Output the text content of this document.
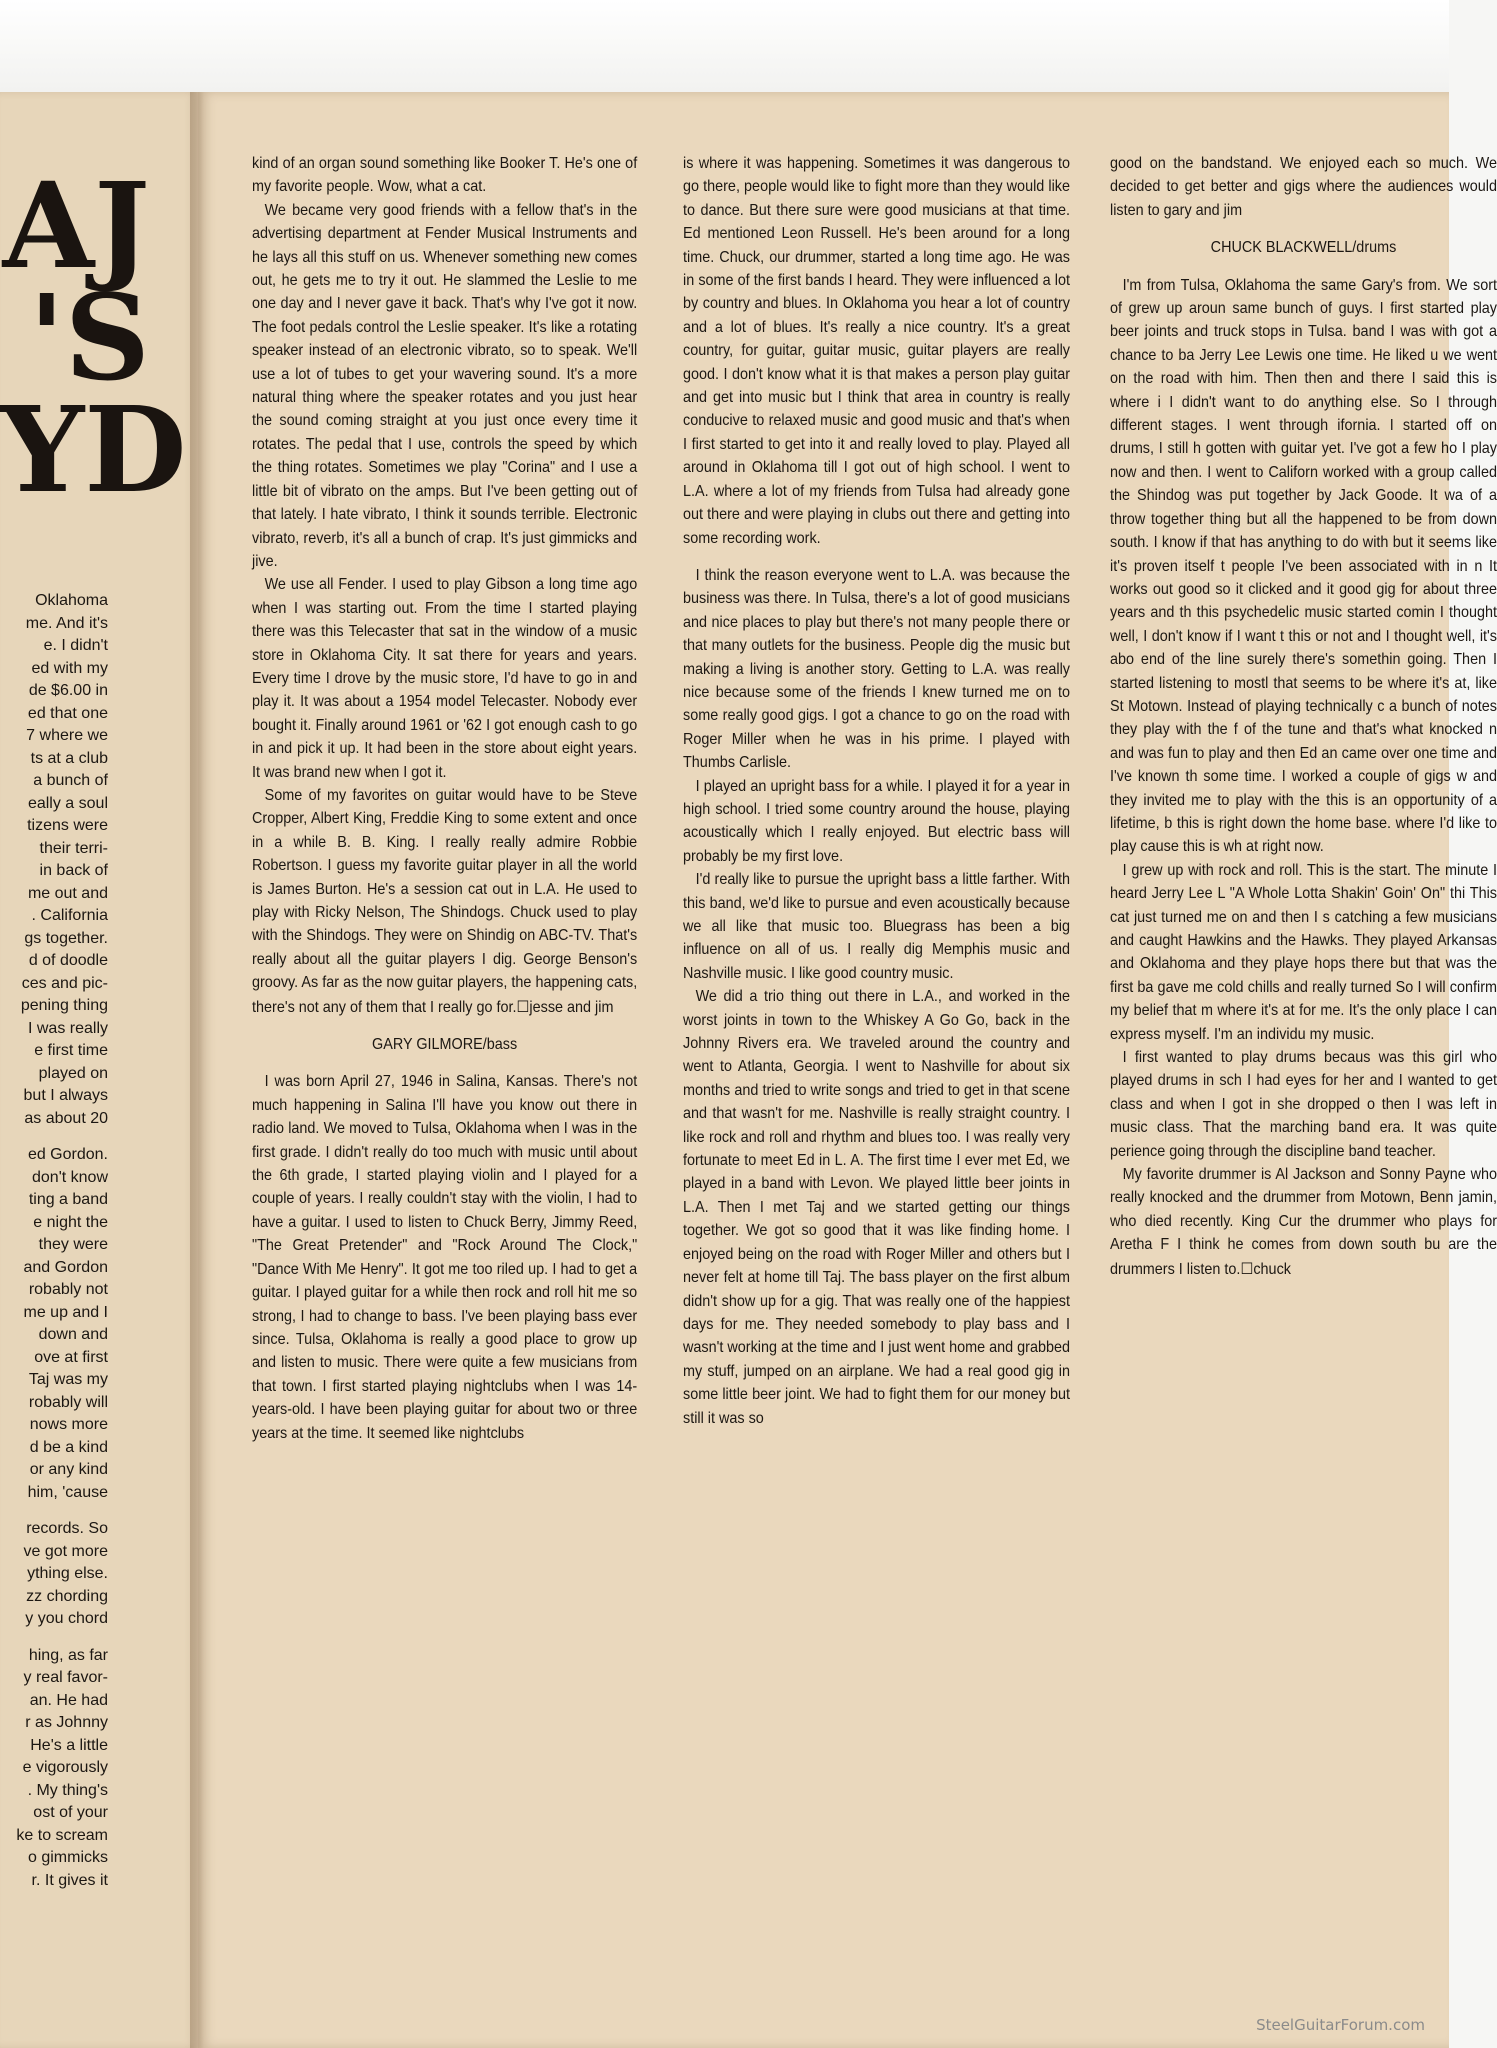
AJ
'S
YD
Oklahoma
me. And it's
e. I didn't
ed with my
de $6.00 in
ed that one
7 where we
ts at a club
a bunch of
eally a soul
tizens were
their terri-
in back of
me out and
. California
gs together.
d of doodle
ces and pic-
pening thing
I was really
e first time
played on
but I always
as about 20
ed Gordon.
don't know
ting a band
e night the
they were
and Gordon
robably not
me up and I
down and
ove at first
Taj was my
robably will
nows more
d be a kind
or any kind
him, 'cause
records. So
ve got more
ything else.
zz chording
y you chord
hing, as far
y real favor-
an. He had
r as Johnny
He's a little
e vigorously
. My thing's
ost of your
ke to scream
o gimmicks
r. It gives it

kind of an organ sound something like Booker T. He's one of my favorite people. Wow, what a cat.

We became very good friends with a fellow that's in the advertising department at Fender Musical Instruments and he lays all this stuff on us. Whenever something new comes out, he gets me to try it out. He slammed the Leslie to me one day and I never gave it back. That's why I've got it now. The foot pedals control the Leslie speaker. It's like a rotating speaker instead of an electronic vibrato, so to speak. We'll use a lot of tubes to get your wavering sound. It's a more natural thing where the speaker rotates and you just hear the sound coming straight at you just once every time it rotates. The pedal that I use, controls the speed by which the thing rotates. Sometimes we play "Corina" and I use a little bit of vibrato on the amps. But I've been getting out of that lately. I hate vibrato, I think it sounds terrible. Electronic vibrato, reverb, it's all a bunch of crap. It's just gimmicks and jive.

We use all Fender. I used to play Gibson a long time ago when I was starting out. From the time I started playing there was this Telecaster that sat in the window of a music store in Oklahoma City. It sat there for years and years. Every time I drove by the music store, I'd have to go in and play it. It was about a 1954 model Telecaster. Nobody ever bought it. Finally around 1961 or '62 I got enough cash to go in and pick it up. It had been in the store about eight years. It was brand new when I got it.

Some of my favorites on guitar would have to be Steve Cropper, Albert King, Freddie King to some extent and once in a while B. B. King. I really really admire Robbie Robertson. I guess my favorite guitar player in all the world is James Burton. He's a session cat out in L.A. He used to play with Ricky Nelson, The Shindogs. Chuck used to play with the Shindogs. They were on Shindig on ABC-TV. That's really about all the guitar players I dig. George Benson's groovy. As far as the now guitar players, the happening cats, there's not any of them that I really go for.☐jesse and jim

GARY GILMORE/bass

I was born April 27, 1946 in Salina, Kansas. There's not much happening in Salina I'll have you know out there in radio land. We moved to Tulsa, Oklahoma when I was in the first grade. I didn't really do too much with music until about the 6th grade, I started playing violin and I played for a couple of years. I really couldn't stay with the violin, I had to have a guitar. I used to listen to Chuck Berry, Jimmy Reed, "The Great Pretender" and "Rock Around The Clock," "Dance With Me Henry". It got me too riled up. I had to get a guitar. I played guitar for a while then rock and roll hit me so strong, I had to change to bass. I've been playing bass ever since. Tulsa, Oklahoma is really a good place to grow up and listen to music. There were quite a few musicians from that town. I first started playing nightclubs when I was 14-years-old. I have been playing guitar for about two or three years at the time. It seemed like nightclubs

is where it was happening. Sometimes it was dangerous to go there, people would like to fight more than they would like to dance. But there sure were good musicians at that time. Ed mentioned Leon Russell. He's been around for a long time. Chuck, our drummer, started a long time ago. He was in some of the first bands I heard. They were influenced a lot by country and blues. In Oklahoma you hear a lot of country and a lot of blues. It's really a nice country. It's a great country, for guitar, guitar music, guitar players are really good. I don't know what it is that makes a person play guitar and get into music but I think that area in country is really conducive to relaxed music and good music and that's when I first started to get into it and really loved to play. Played all around in Oklahoma till I got out of high school. I went to L.A. where a lot of my friends from Tulsa had already gone out there and were playing in clubs out there and getting into some recording work.

I think the reason everyone went to L.A. was because the business was there. In Tulsa, there's a lot of good musicians and nice places to play but there's not many people there or that many outlets for the business. People dig the music but making a living is another story. Getting to L.A. was really nice because some of the friends I knew turned me on to some really good gigs. I got a chance to go on the road with Roger Miller when he was in his prime. I played with Thumbs Carlisle.

I played an upright bass for a while. I played it for a year in high school. I tried some country around the house, playing acoustically which I really enjoyed. But electric bass will probably be my first love.

I'd really like to pursue the upright bass a little farther. With this band, we'd like to pursue and even acoustically because we all like that music too. Bluegrass has been a big influence on all of us. I really dig Memphis music and Nashville music. I like good country music.

We did a trio thing out there in L.A., and worked in the worst joints in town to the Whiskey A Go Go, back in the Johnny Rivers era. We traveled around the country and went to Atlanta, Georgia. I went to Nashville for about six months and tried to write songs and tried to get in that scene and that wasn't for me. Nashville is really straight country. I like rock and roll and rhythm and blues too. I was really very fortunate to meet Ed in L. A. The first time I ever met Ed, we played in a band with Levon. We played little beer joints in L.A. Then I met Taj and we started getting our things together. We got so good that it was like finding home. I enjoyed being on the road with Roger Miller and others but I never felt at home till Taj. The bass player on the first album didn't show up for a gig. That was really one of the happiest days for me. They needed somebody to play bass and I wasn't working at the time and I just went home and grabbed my stuff, jumped on an airplane. We had a real good gig in some little beer joint. We had to fight them for our money but still it was so

good on the bandstand. We enjoyed each so much. We decided to get better and gigs where the audiences would listen to gary and jim

CHUCK BLACKWELL/drums

I'm from Tulsa, Oklahoma the same Gary's from. We sort of grew up aroun same bunch of guys. I first started play beer joints and truck stops in Tulsa. band I was with got a chance to ba Jerry Lee Lewis one time. He liked u we went on the road with him. Then then and there I said this is where i I didn't want to do anything else. So I through different stages. I went through ifornia. I started off on drums, I still h gotten with guitar yet. I've got a few ho I play now and then. I went to Californ worked with a group called the Shindog was put together by Jack Goode. It wa of a throw together thing but all the happened to be from down south. I know if that has anything to do with but it seems like it's proven itself t people I've been associated with in n It works out good so it clicked and it good gig for about three years and th this psychedelic music started comin I thought well, I don't know if I want t this or not and I thought well, it's abo end of the line surely there's somethin going. Then I started listening to mostl that seems to be where it's at, like St Motown. Instead of playing technically c a bunch of notes they play with the f of the tune and that's what knocked n and was fun to play and then Ed an came over one time and I've known th some time. I worked a couple of gigs w and they invited me to play with the this is an opportunity of a lifetime, b this is right down the home base. where I'd like to play cause this is wh at right now.

I grew up with rock and roll. This is the start. The minute I heard Jerry Lee L "A Whole Lotta Shakin' Goin' On" thi This cat just turned me on and then I s catching a few musicians and caught Hawkins and the Hawks. They played Arkansas and Oklahoma and they playe hops there but that was the first ba gave me cold chills and really turned So I will confirm my belief that m where it's at for me. It's the only place I can express myself. I'm an individu my music.

I first wanted to play drums becaus was this girl who played drums in sch I had eyes for her and I wanted to get class and when I got in she dropped o then I was left in music class. That the marching band era. It was quite perience going through the discipline band teacher.

My favorite drummer is Al Jackson and Sonny Payne who really knocked and the drummer from Motown, Benn jamin, who died recently. King Cur the drummer who plays for Aretha F I think he comes from down south bu are the drummers I listen to.☐chuck

SteelGuitarForum.com
